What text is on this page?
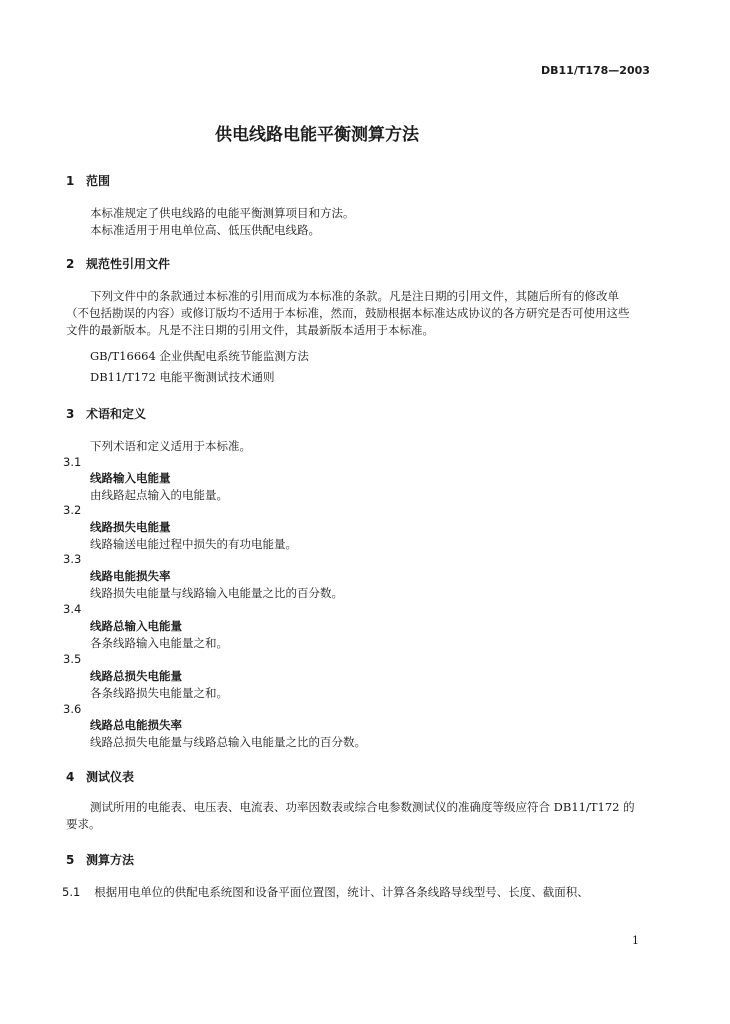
DB11/T178—2003
供电线路电能平衡测算方法
1 范围
本标准规定了供电线路的电能平衡测算项目和方法。
本标准适用于用电单位高、低压供配电线路。
2 规范性引用文件
下列文件中的条款通过本标准的引用而成为本标准的条款。凡是注日期的引用文件，其随后所有的修改单（不包括勘误的内容）或修订版均不适用于本标准，然而，鼓励根据本标准达成协议的各方研究是否可使用这些文件的最新版本。凡是不注日期的引用文件，其最新版本适用于本标准。
GB/T16664 企业供配电系统节能监测方法
DB11/T172 电能平衡测试技术通则
3 术语和定义
下列术语和定义适用于本标准。
3.1
线路输入电能量
由线路起点输入的电能量。
3.2
线路损失电能量
线路输送电能过程中损失的有功电能量。
3.3
线路电能损失率
线路损失电能量与线路输入电能量之比的百分数。
3.4
线路总输入电能量
各条线路输入电能量之和。
3.5
线路总损失电能量
各条线路损失电能量之和。
3.6
线路总电能损失率
线路总损失电能量与线路总输入电能量之比的百分数。
4 测试仪表
测试所用的电能表、电压表、电流表、功率因数表或综合电参数测试仪的准确度等级应符合 DB11/T172 的要求。
5 测算方法
5.1 根据用电单位的供配电系统图和设备平面位置图，统计、计算各条线路导线型号、长度、截面积、
1
